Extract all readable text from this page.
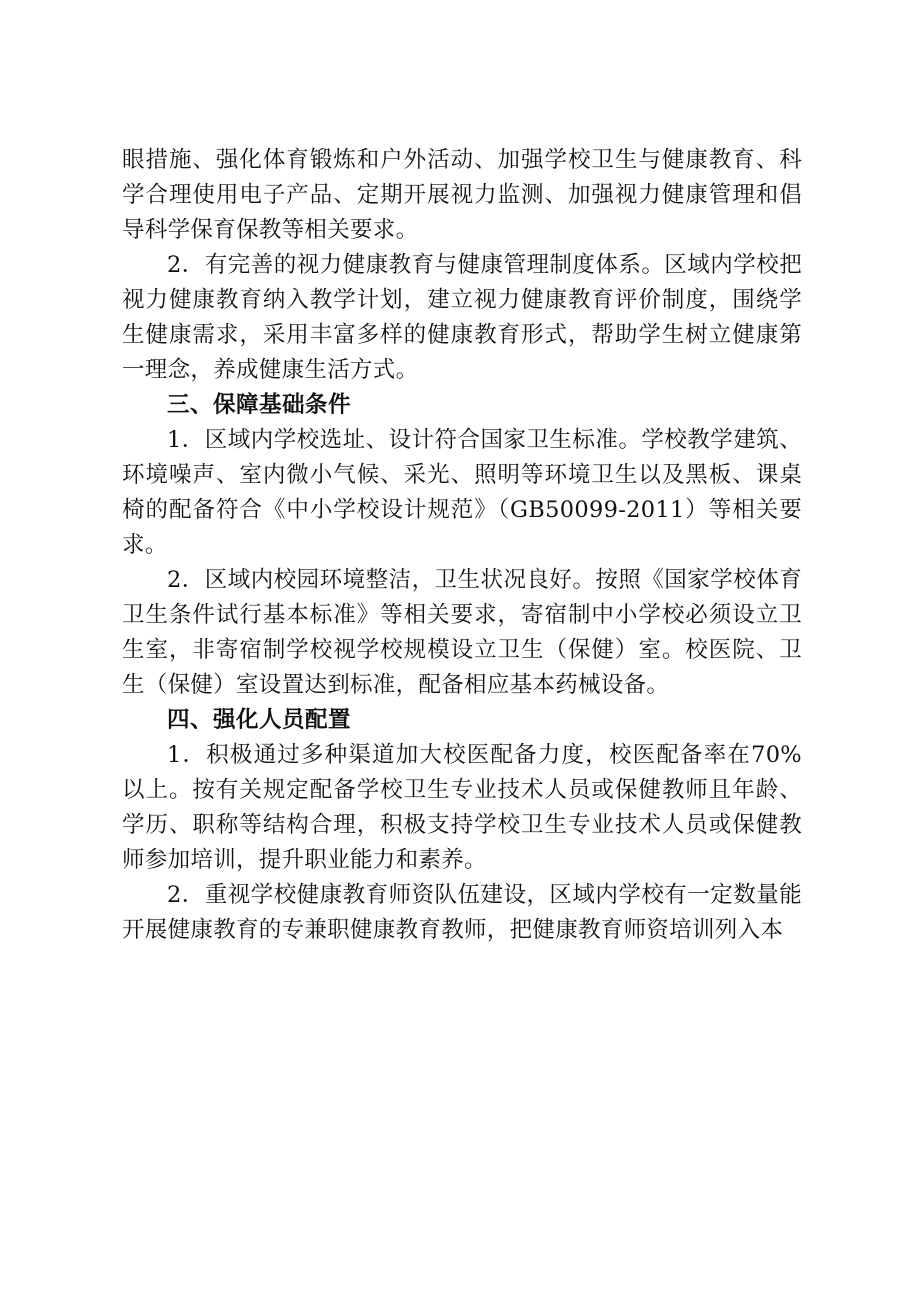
眼措施、强化体育锻炼和户外活动、加强学校卫生与健康教育、科学合理使用电子产品、定期开展视力监测、加强视力健康管理和倡导科学保育保教等相关要求。

2．有完善的视力健康教育与健康管理制度体系。区域内学校把视力健康教育纳入教学计划，建立视力健康教育评价制度，围绕学生健康需求，采用丰富多样的健康教育形式，帮助学生树立健康第一理念，养成健康生活方式。

三、保障基础条件

1．区域内学校选址、设计符合国家卫生标准。学校教学建筑、环境噪声、室内微小气候、采光、照明等环境卫生以及黑板、课桌椅的配备符合《中小学校设计规范》（GB50099-2011）等相关要求。

2．区域内校园环境整洁，卫生状况良好。按照《国家学校体育卫生条件试行基本标准》等相关要求，寄宿制中小学校必须设立卫生室，非寄宿制学校视学校规模设立卫生（保健）室。校医院、卫生（保健）室设置达到标准，配备相应基本药械设备。

四、强化人员配置

1．积极通过多种渠道加大校医配备力度，校医配备率在70%以上。按有关规定配备学校卫生专业技术人员或保健教师且年龄、学历、职称等结构合理，积极支持学校卫生专业技术人员或保健教师参加培训，提升职业能力和素养。

2．重视学校健康教育师资队伍建设，区域内学校有一定数量能开展健康教育的专兼职健康教育教师，把健康教育师资培训列入本
